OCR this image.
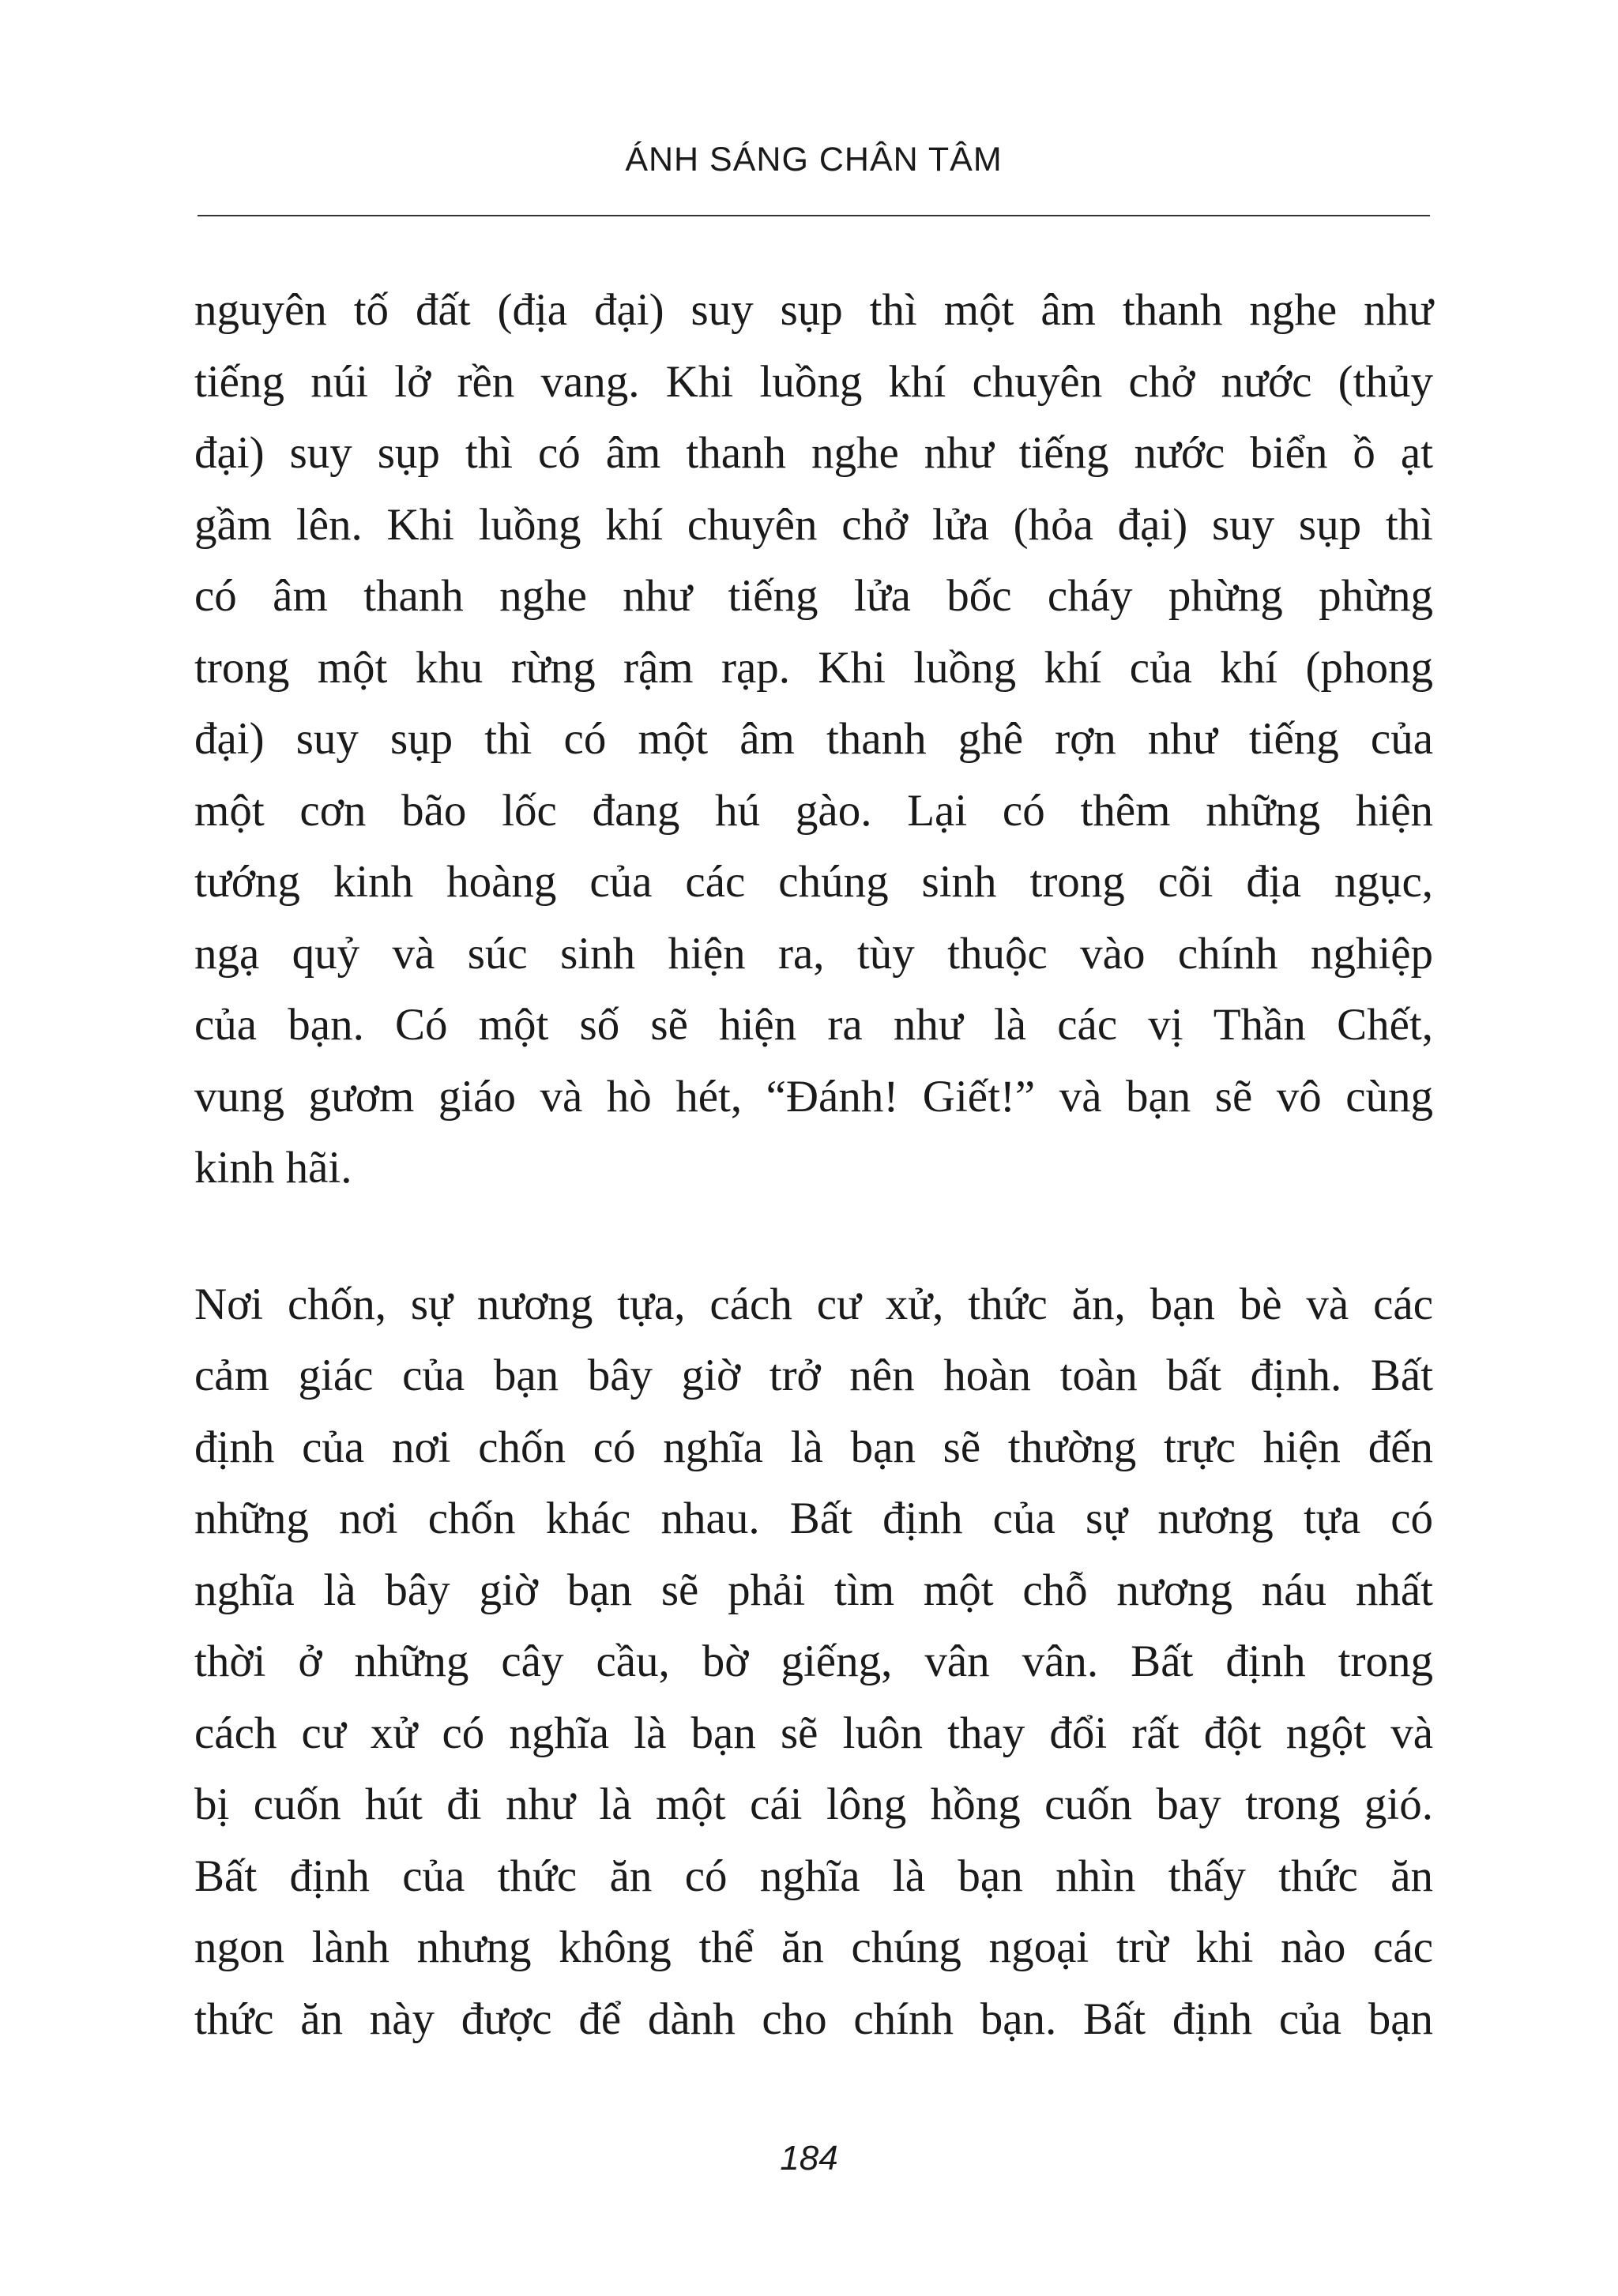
ÁNH SÁNG CHÂN TÂM
nguyên tố đất (địa đại) suy sụp thì một âm thanh nghe như
tiếng núi lở rền vang. Khi luồng khí chuyên chở nước (thủy
đại) suy sụp thì có âm thanh nghe như tiếng nước biển ồ ạt
gầm lên. Khi luồng khí chuyên chở lửa (hỏa đại) suy sụp thì
có âm thanh nghe như tiếng lửa bốc cháy phừng phừng
trong một khu rừng rậm rạp. Khi luồng khí của khí (phong
đại) suy sụp thì có một âm thanh ghê rợn như tiếng của
một cơn bão lốc đang hú gào. Lại có thêm những hiện
tướng kinh hoàng của các chúng sinh trong cõi địa ngục,
ngạ quỷ và súc sinh hiện ra, tùy thuộc vào chính nghiệp
của bạn. Có một số sẽ hiện ra như là các vị Thần Chết,
vung gươm giáo và hò hét, “Đánh! Giết!” và bạn sẽ vô cùng
kinh hãi.
Nơi chốn, sự nương tựa, cách cư xử, thức ăn, bạn bè và các
cảm giác của bạn bây giờ trở nên hoàn toàn bất định. Bất
định của nơi chốn có nghĩa là bạn sẽ thường trực hiện đến
những nơi chốn khác nhau. Bất định của sự nương tựa có
nghĩa là bây giờ bạn sẽ phải tìm một chỗ nương náu nhất
thời ở những cây cầu, bờ giếng, vân vân. Bất định trong
cách cư xử có nghĩa là bạn sẽ luôn thay đổi rất đột ngột và
bị cuốn hút đi như là một cái lông hồng cuốn bay trong gió.
Bất định của thức ăn có nghĩa là bạn nhìn thấy thức ăn
ngon lành nhưng không thể ăn chúng ngoại trừ khi nào các
thức ăn này được để dành cho chính bạn. Bất định của bạn
184
